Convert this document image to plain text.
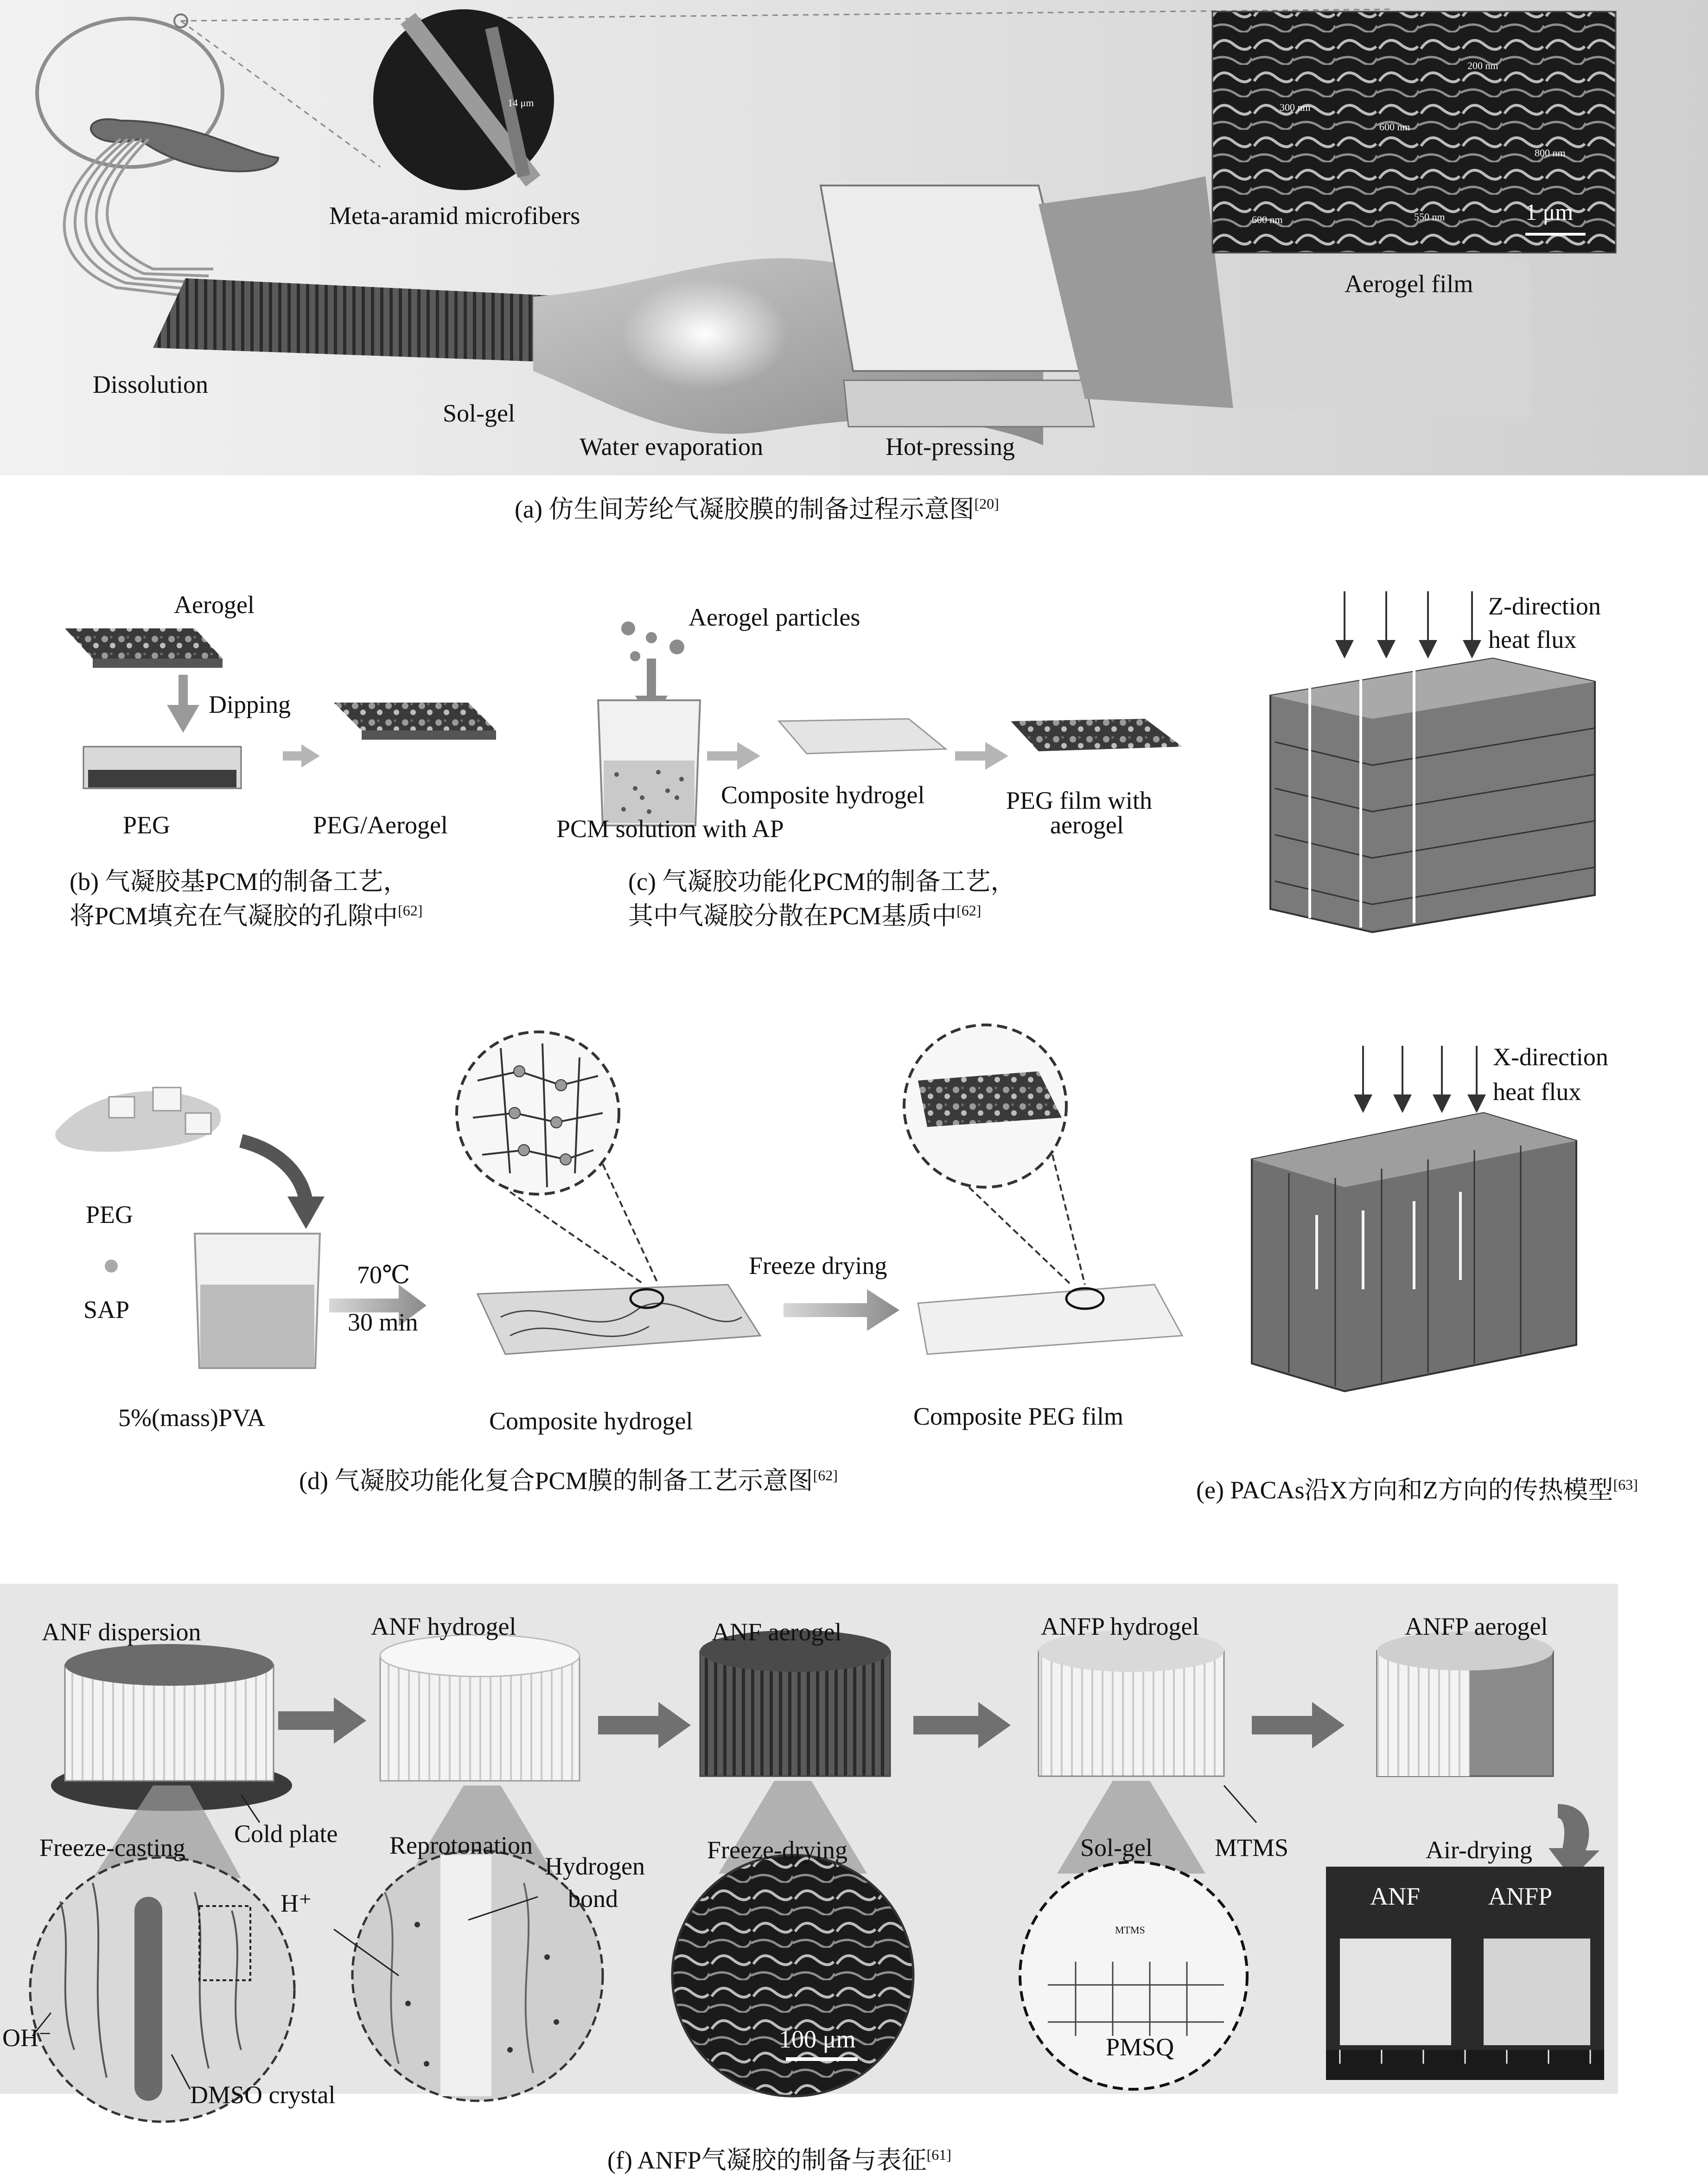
Meta-aramid microfibers
Dissolution
Sol-gel
Water evaporation	Hot-pressing
Aerogel film
1 μm
14 μm	300 nm
200 nm
600 nm
800 nm
600 nm	550 nm
(a) 仿生间芳纶气凝胶膜的制备过程示意图[20]
Aerogel
Dipping
PEG	PEG/Aerogel
(b) 气凝胶基PCM的制备工艺，
将PCM填充在气凝胶的孔隙中[62]
Aerogel particles
Composite hydrogel
PCM solution with AP
PEG film with
aerogel
(c) 气凝胶功能化PCM的制备工艺，
其中气凝胶分散在PCM基质中[62]
Z-direction
heat flux
X-direction
heat flux
(e) PACAs沿X方向和Z方向的传热模型[63]
PEG
SAP
5%(mass)PVA
70℃
30 min
Composite hydrogel
Freeze drying
Composite PEG film
(d) 气凝胶功能化复合PCM膜的制备工艺示意图[62]
ANF dispersion	ANF hydrogel	ANF aerogel	ANFP hydrogel	ANFP aerogel
Freeze-casting Cold plate Reprotonation
Hydrogen
bond
Freeze-drying	Sol-gel MTMS	Air-drying
H⁺
OH⁻
DMSO crystal
100 μm	PMSQ
MTMS
ANF	ANFP
(f) ANFP气凝胶的制备与表征[61]
